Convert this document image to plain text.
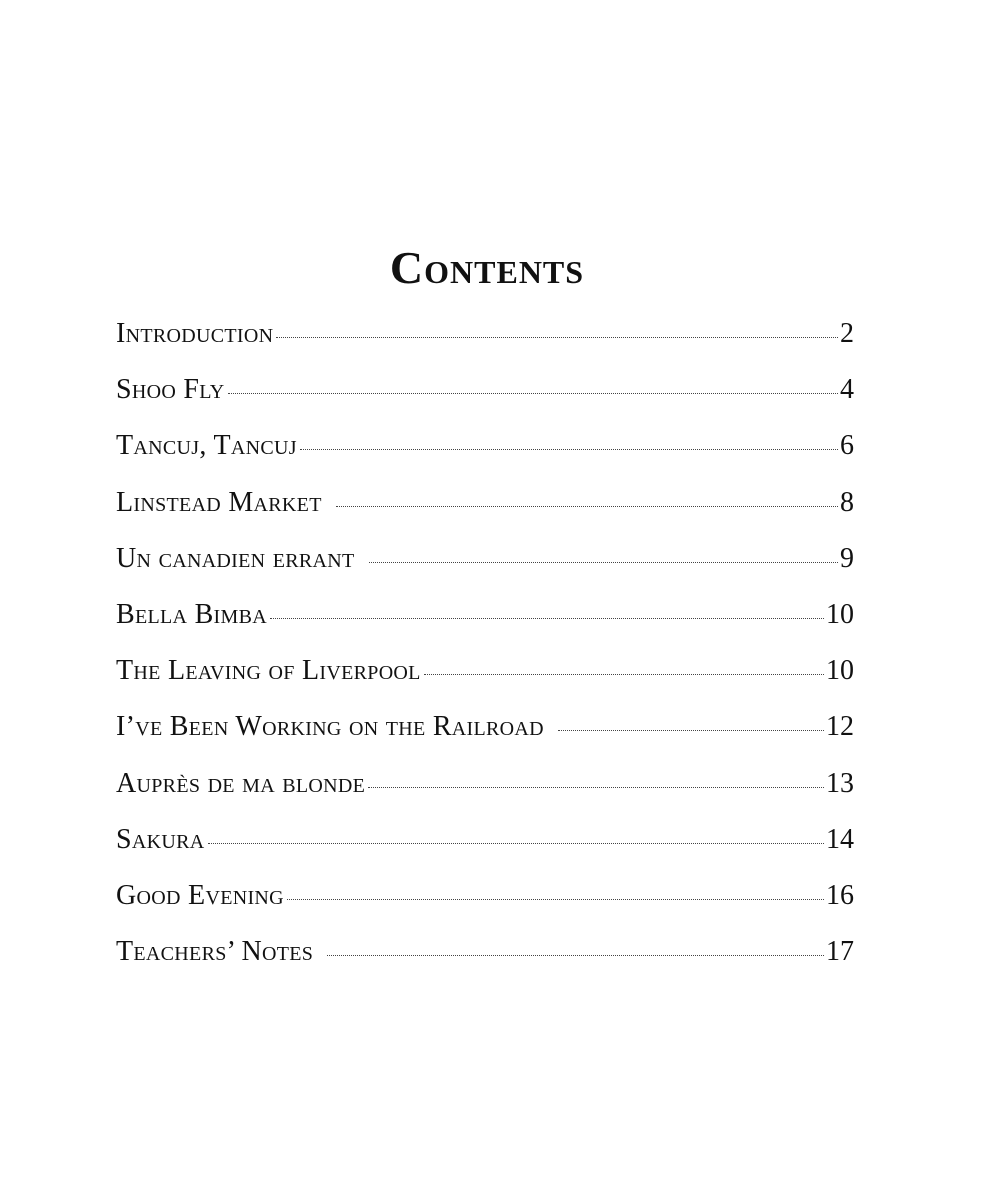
Contents
Introduction	2
Shoo Fly	4
Tancuj, Tancuj	6
Linstead Market	8
Un canadien errant	9
Bella Bimba	10
The Leaving of Liverpool	10
I’ve Been Working on the Railroad	12
Auprès de ma blonde	13
Sakura	14
Good Evening	16
Teachers’ Notes	17
